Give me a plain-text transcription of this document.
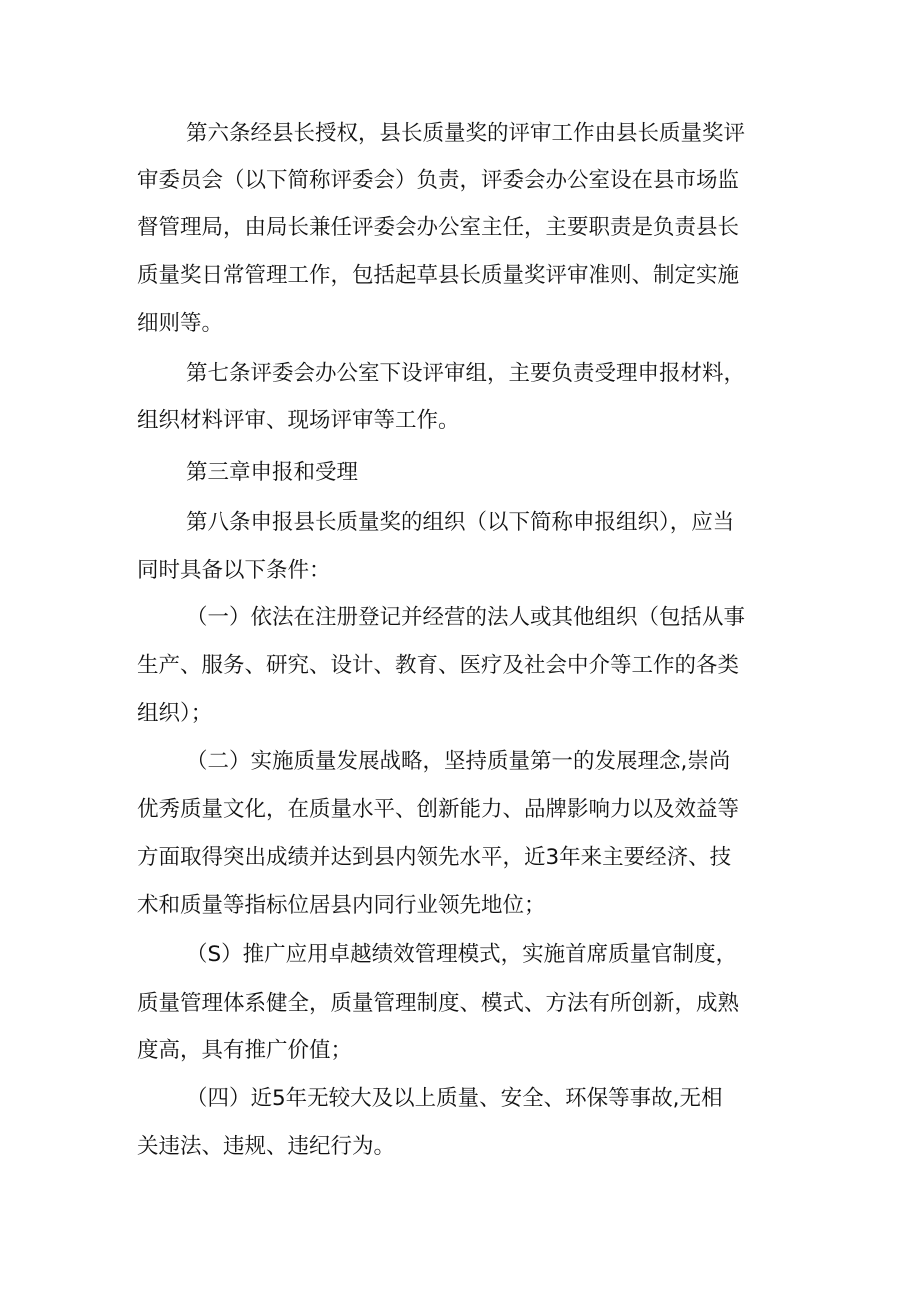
第六条经县长授权，县长质量奖的评审工作由县长质量奖评
审委员会（以下简称评委会）负责，评委会办公室设在县市场监
督管理局，由局长兼任评委会办公室主任，主要职责是负责县长
质量奖日常管理工作，包括起草县长质量奖评审准则、制定实施
细则等。
第七条评委会办公室下设评审组，主要负责受理申报材料，
组织材料评审、现场评审等工作。
第三章申报和受理
第八条申报县长质量奖的组织（以下简称申报组织），应当
同时具备以下条件：
（一）依法在注册登记并经营的法人或其他组织（包括从事
生产、服务、研究、设计、教育、医疗及社会中介等工作的各类
组织）；
（二）实施质量发展战略，坚持质量第一的发展理念,崇尚
优秀质量文化，在质量水平、创新能力、品牌影响力以及效益等
方面取得突出成绩并达到县内领先水平，近3年来主要经济、技
术和质量等指标位居县内同行业领先地位；
（S）推广应用卓越绩效管理模式，实施首席质量官制度，
质量管理体系健全，质量管理制度、模式、方法有所创新，成熟
度高，具有推广价值；
（四）近5年无较大及以上质量、安全、环保等事故,无相
关违法、违规、违纪行为。
